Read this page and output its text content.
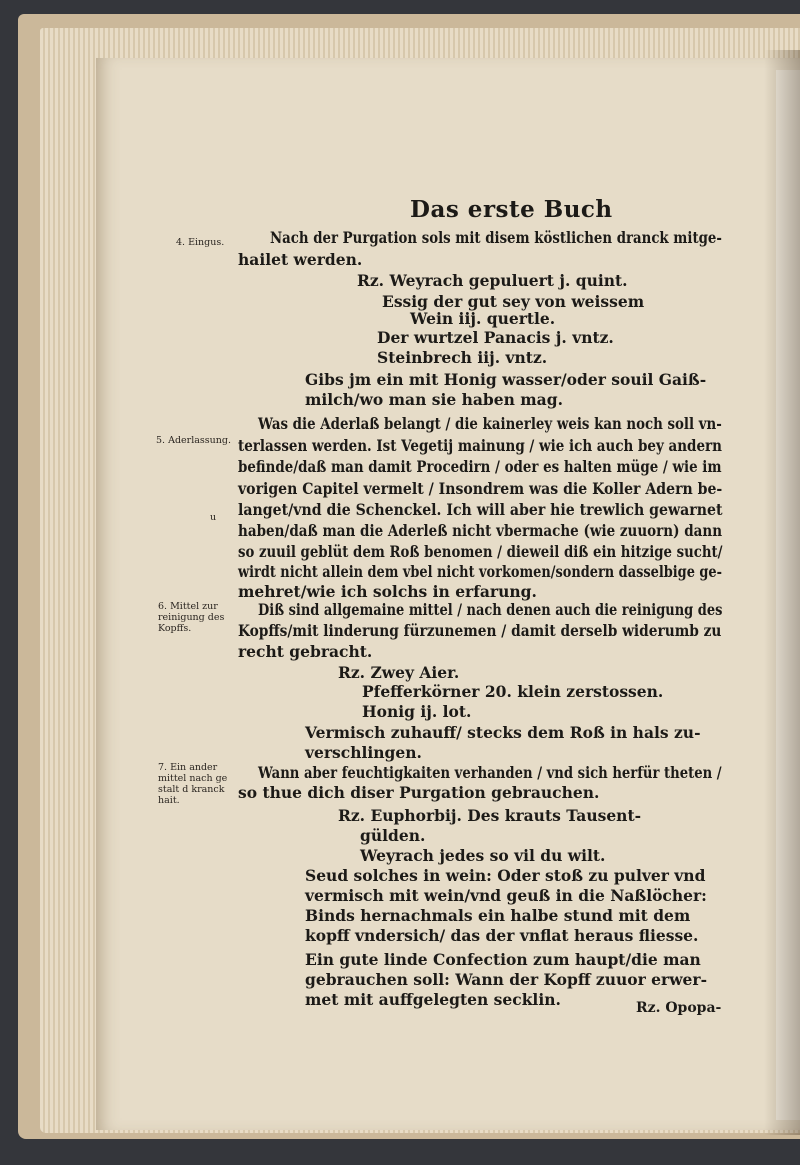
Das erste Buch
4. Eingus.
5. Aderlassung.
u
6. Mittel zur
reinigung des
Kopffs.
7. Ein ander
mittel nach ge
stalt d kranck
hait.
Nach der Purgation sols mit disem köstlichen dranck mitge-
hailet werden.
Rz. Weyrach gepuluert j. quint.
Essig der gut sey von weissem
Wein iij. quertle.
Der wurtzel Panacis j. vntz.
Steinbrech iij. vntz.
Gibs jm ein mit Honig wasser/oder souil Gaiß-
milch/wo man sie haben mag.
Was die Aderlaß belangt / die kainerley weis kan noch soll vn-
terlassen werden. Ist Vegetij mainung / wie ich auch bey andern
befinde/daß man damit Procedirn / oder es halten müge / wie im
vorigen Capitel vermelt / Insondrem was die Koller Adern be-
langet/vnd die Schenckel. Ich will aber hie trewlich gewarnet
haben/daß man die Aderleß nicht vbermache (wie zuuorn) dann
so zuuil geblüt dem Roß benomen / dieweil diß ein hitzige sucht/
wirdt nicht allein dem vbel nicht vorkomen/sondern dasselbige ge-
mehret/wie ich solchs in erfarung.
Diß sind allgemaine mittel / nach denen auch die reinigung des
Kopffs/mit linderung fürzunemen / damit derselb widerumb zu
recht gebracht.
Rz. Zwey Aier.
Pfefferkörner 20. klein zerstossen.
Honig ij. lot.
Vermisch zuhauff/ stecks dem Roß in hals zu-
verschlingen.
Wann aber feuchtigkaiten verhanden / vnd sich herfür theten /
so thue dich diser Purgation gebrauchen.
Rz. Euphorbij. Des krauts Tausent-
gülden.
Weyrach jedes so vil du wilt.
Seud solches in wein: Oder stoß zu pulver vnd
vermisch mit wein/vnd geuß in die Naßlöcher:
Binds hernachmals ein halbe stund mit dem
kopff vndersich/ das der vnflat heraus fliesse.
Ein gute linde Confection zum haupt/die man
gebrauchen soll: Wann der Kopff zuuor erwer-
met mit auffgelegten secklin.	Rz. Opopa-
